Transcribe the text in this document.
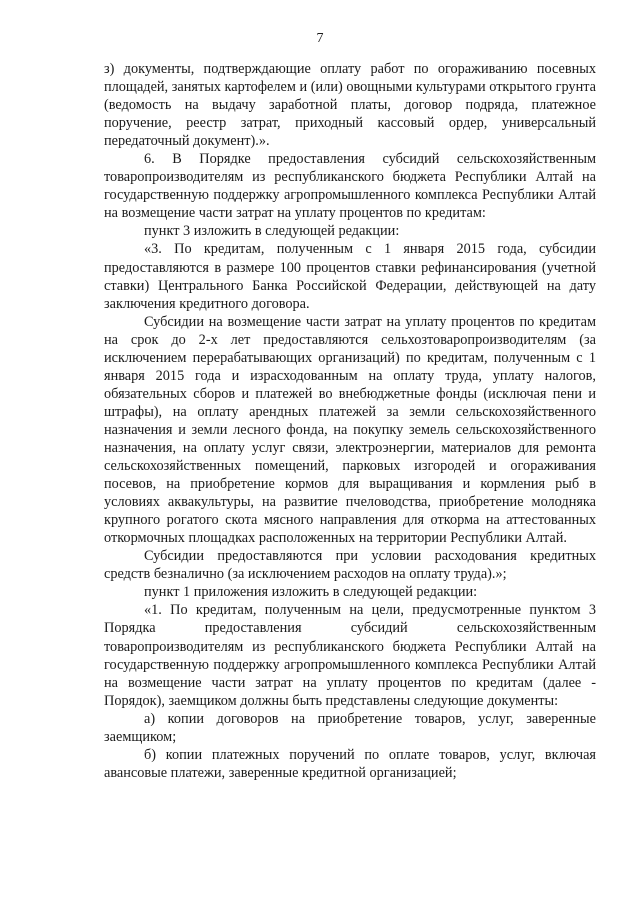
7

з) документы, подтверждающие оплату работ по огораживанию посевных площадей, занятых картофелем и (или) овощными культурами открытого грунта (ведомость на выдачу заработной платы, договор подряда, платежное поручение, реестр затрат, приходный кассовый ордер, универсальный передаточный документ).».

6. В Порядке предоставления субсидий сельскохозяйственным товаропроизводителям из республиканского бюджета Республики Алтай на государственную поддержку агропромышленного комплекса Республики Алтай на возмещение части затрат на уплату процентов по кредитам:

пункт 3 изложить в следующей редакции:

«3. По кредитам, полученным с 1 января 2015 года, субсидии предоставляются в размере 100 процентов ставки рефинансирования (учетной ставки) Центрального Банка Российской Федерации, действующей на дату заключения кредитного договора.

Субсидии на возмещение части затрат на уплату процентов по кредитам на срок до 2-х лет предоставляются сельхозтоваропроизводителям (за исключением перерабатывающих организаций) по кредитам, полученным с 1 января 2015 года и израсходованным на оплату труда, уплату налогов, обязательных сборов и платежей во внебюджетные фонды (исключая пени и штрафы), на оплату арендных платежей за земли сельскохозяйственного назначения и земли лесного фонда, на покупку земель сельскохозяйственного назначения, на оплату услуг связи, электроэнергии, материалов для ремонта сельскохозяйственных помещений, парковых изгородей и огораживания посевов, на приобретение кормов для выращивания и кормления рыб в условиях аквакультуры, на развитие пчеловодства, приобретение молодняка крупного рогатого скота мясного направления для откорма на аттестованных откормочных площадках расположенных на территории Республики Алтай.

Субсидии предоставляются при условии расходования кредитных средств безналично (за исключением расходов на оплату труда).»;

пункт 1 приложения изложить в следующей редакции:

«1. По кредитам, полученным на цели, предусмотренные пунктом 3 Порядка предоставления субсидий сельскохозяйственным товаропроизводителям из республиканского бюджета Республики Алтай на государственную поддержку агропромышленного комплекса Республики Алтай на возмещение части затрат на уплату процентов по кредитам (далее - Порядок), заемщиком должны быть представлены следующие документы:

а) копии договоров на приобретение товаров, услуг, заверенные заемщиком;

б) копии платежных поручений по оплате товаров, услуг, включая авансовые платежи, заверенные кредитной организацией;
